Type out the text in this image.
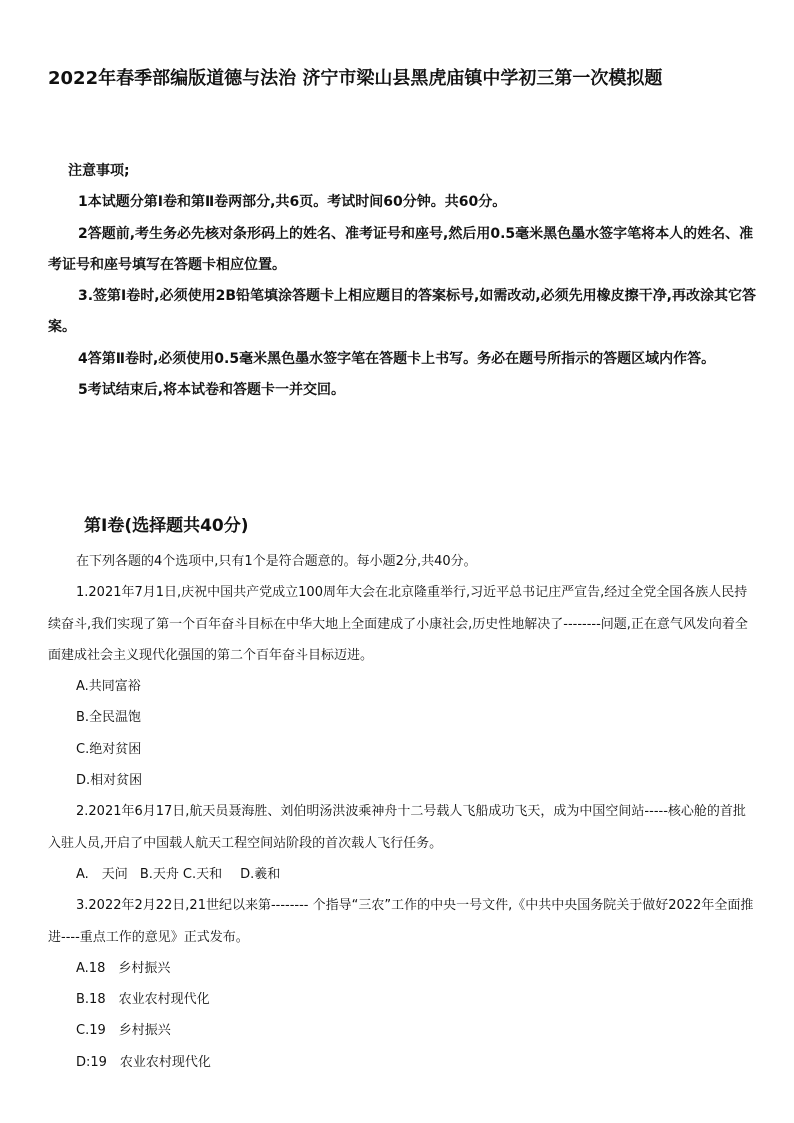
2022年春季部编版道德与法治 济宁市梁山县黑虎庙镇中学初三第一次模拟题
注意事项;
1本试题分第Ⅰ卷和第Ⅱ卷两部分,共6页。考试时间60分钟。共60分。
2答题前,考生务必先核对条形码上的姓名、准考证号和座号,然后用0.5毫米黑色墨水签字笔将本人的姓名、准考证号和座号填写在答题卡相应位置。
3.签第Ⅰ卷时,必须使用2B铅笔填涂答题卡上相应题目的答案标号,如需改动,必须先用橡皮擦干净,再改涂其它答案。
4答第Ⅱ卷时,必须使用0.5毫米黑色墨水签字笔在答题卡上书写。务必在题号所指示的答题区域内作答。
5考试结束后,将本试卷和答题卡一并交回。
第Ⅰ卷(选择题共40分)
在下列各题的4个选项中,只有1个是符合题意的。每小题2分,共40分。
1.2021年7月1日,庆祝中国共产党成立100周年大会在北京隆重举行,习近平总书记庄严宣告,经过全党全国各族人民持续奋斗,我们实现了第一个百年奋斗目标在中华大地上全面建成了小康社会,历史性地解决了--------问题,正在意气风发向着全面建成社会主义现代化强国的第二个百年奋斗目标迈进。
A.共同富裕
B.全民温饱
C.绝对贫困
D.相对贫困
2.2021年6月17日,航天员聂海胜、刘伯明汤洪波乘神舟十二号载人飞船成功飞天，成为中国空间站-----核心舱的首批入驻人员,开启了中国载人航天工程空间站阶段的首次载人飞行任务。
A.　天问 B.天舟 C.天和 D.羲和
3.2022年2月22日,21世纪以来第-------- 个指导“三农”工作的中央一号文件,《中共中央国务院关于做好2022年全面推进----重点工作的意见》正式发布。
A.18　乡村振兴
B.18　农业农村现代化
C.19　乡村振兴
D:19　农业农村现代化
